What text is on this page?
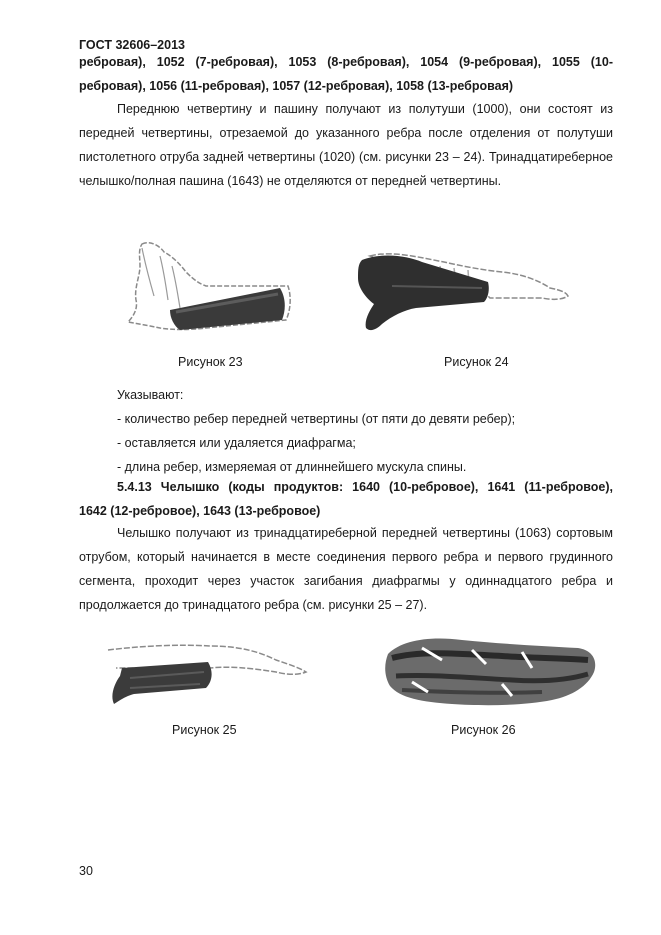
ГОСТ 32606–2013
ребровая), 1052 (7-ребровая), 1053 (8-ребровая), 1054 (9-ребровая), 1055 (10-
ребровая), 1056 (11-ребровая), 1057 (12-ребровая), 1058 (13-ребровая)
Переднюю четвертину и пашину получают из полутуши (1000), они состоят из передней четвертины, отрезаемой до указанного ребра после отделения от полутуши пистолетного отруба задней четвертины (1020) (см. рисунки 23 – 24). Тринадцатиреберное челышко/полная пашина (1643) не отделяются от передней четвертины.
Рисунок 23	Рисунок 24
Указывают:
- количество ребер передней четвертины (от пяти до девяти ребер);
- оставляется или удаляется диафрагма;
- длина ребер, измеряемая от длиннейшего мускула спины.
5.4.13 Челышко (коды продуктов: 1640 (10-ребровое), 1641 (11-ребровое),
1642 (12-ребровое), 1643 (13-ребровое)
Челышко получают из тринадцатиреберной передней четвертины (1063) сортовым отрубом, который начинается в месте соединения первого ребра и первого грудинного сегмента, проходит через участок загибания диафрагмы у одиннадцатого ребра и продолжается до тринадцатого ребра (см. рисунки 25 – 27).
Рисунок 25	Рисунок 26
30
